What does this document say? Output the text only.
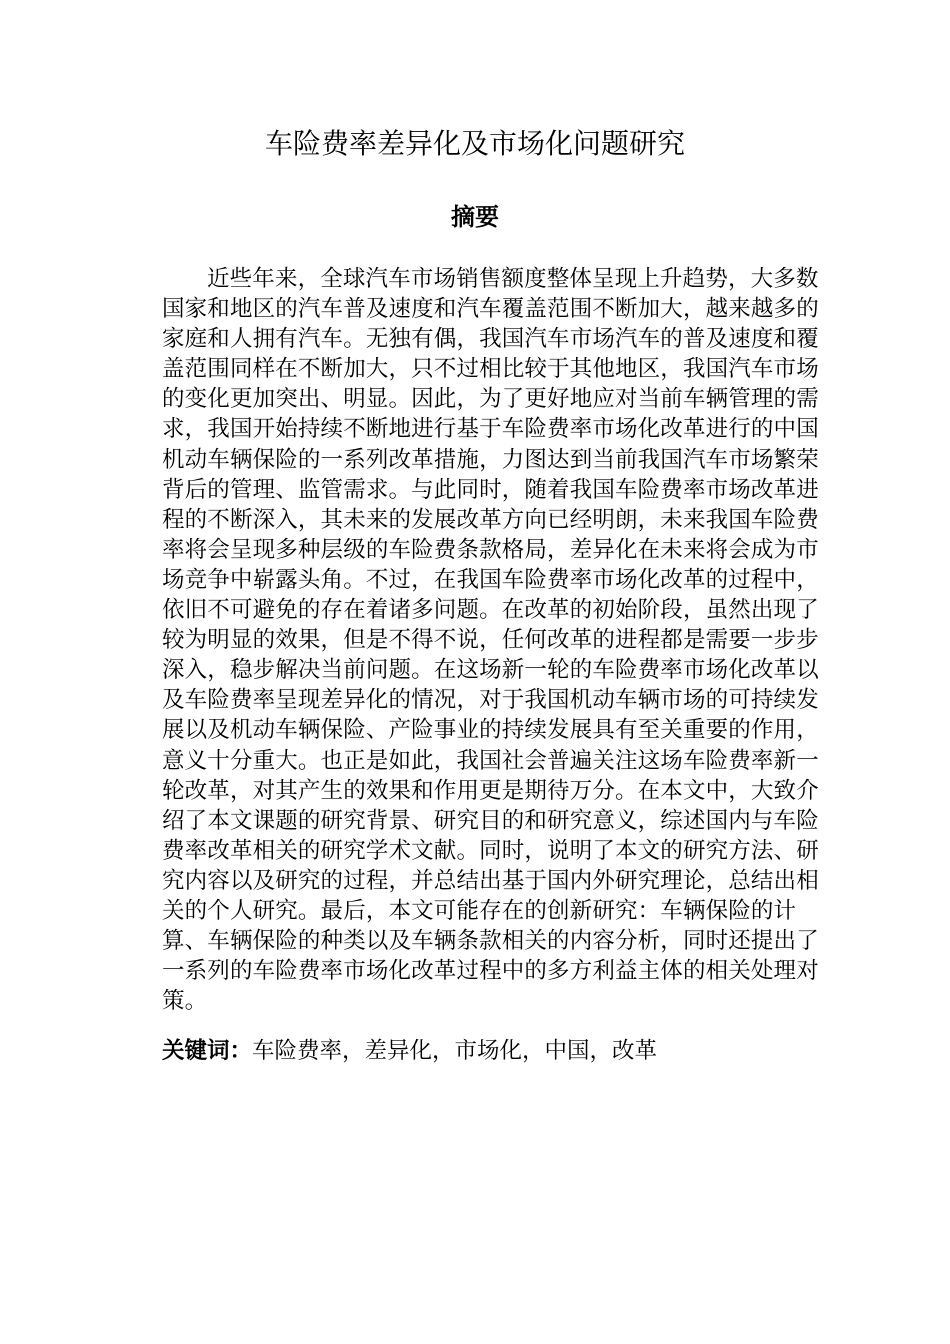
车险费率差异化及市场化问题研究
摘要

近些年来，全球汽车市场销售额度整体呈现上升趋势，大多数国家和地区的汽车普及速度和汽车覆盖范围不断加大，越来越多的家庭和人拥有汽车。无独有偶，我国汽车市场汽车的普及速度和覆盖范围同样在不断加大，只不过相比较于其他地区，我国汽车市场的变化更加突出、明显。因此，为了更好地应对当前车辆管理的需求，我国开始持续不断地进行基于车险费率市场化改革进行的中国机动车辆保险的一系列改革措施，力图达到当前我国汽车市场繁荣背后的管理、监管需求。与此同时，随着我国车险费率市场改革进程的不断深入，其未来的发展改革方向已经明朗，未来我国车险费率将会呈现多种层级的车险费条款格局，差异化在未来将会成为市场竞争中崭露头角。不过，在我国车险费率市场化改革的过程中，依旧不可避免的存在着诸多问题。在改革的初始阶段，虽然出现了较为明显的效果，但是不得不说，任何改革的进程都是需要一步步深入，稳步解决当前问题。在这场新一轮的车险费率市场化改革以及车险费率呈现差异化的情况，对于我国机动车辆市场的可持续发展以及机动车辆保险、产险事业的持续发展具有至关重要的作用，意义十分重大。也正是如此，我国社会普遍关注这场车险费率新一轮改革，对其产生的效果和作用更是期待万分。在本文中，大致介绍了本文课题的研究背景、研究目的和研究意义，综述国内与车险费率改革相关的研究学术文献。同时，说明了本文的研究方法、研究内容以及研究的过程，并总结出基于国内外研究理论，总结出相关的个人研究。最后，本文可能存在的创新研究：车辆保险的计算、车辆保险的种类以及车辆条款相关的内容分析，同时还提出了一系列的车险费率市场化改革过程中的多方利益主体的相关处理对策。

关键词：车险费率，差异化，市场化，中国，改革
